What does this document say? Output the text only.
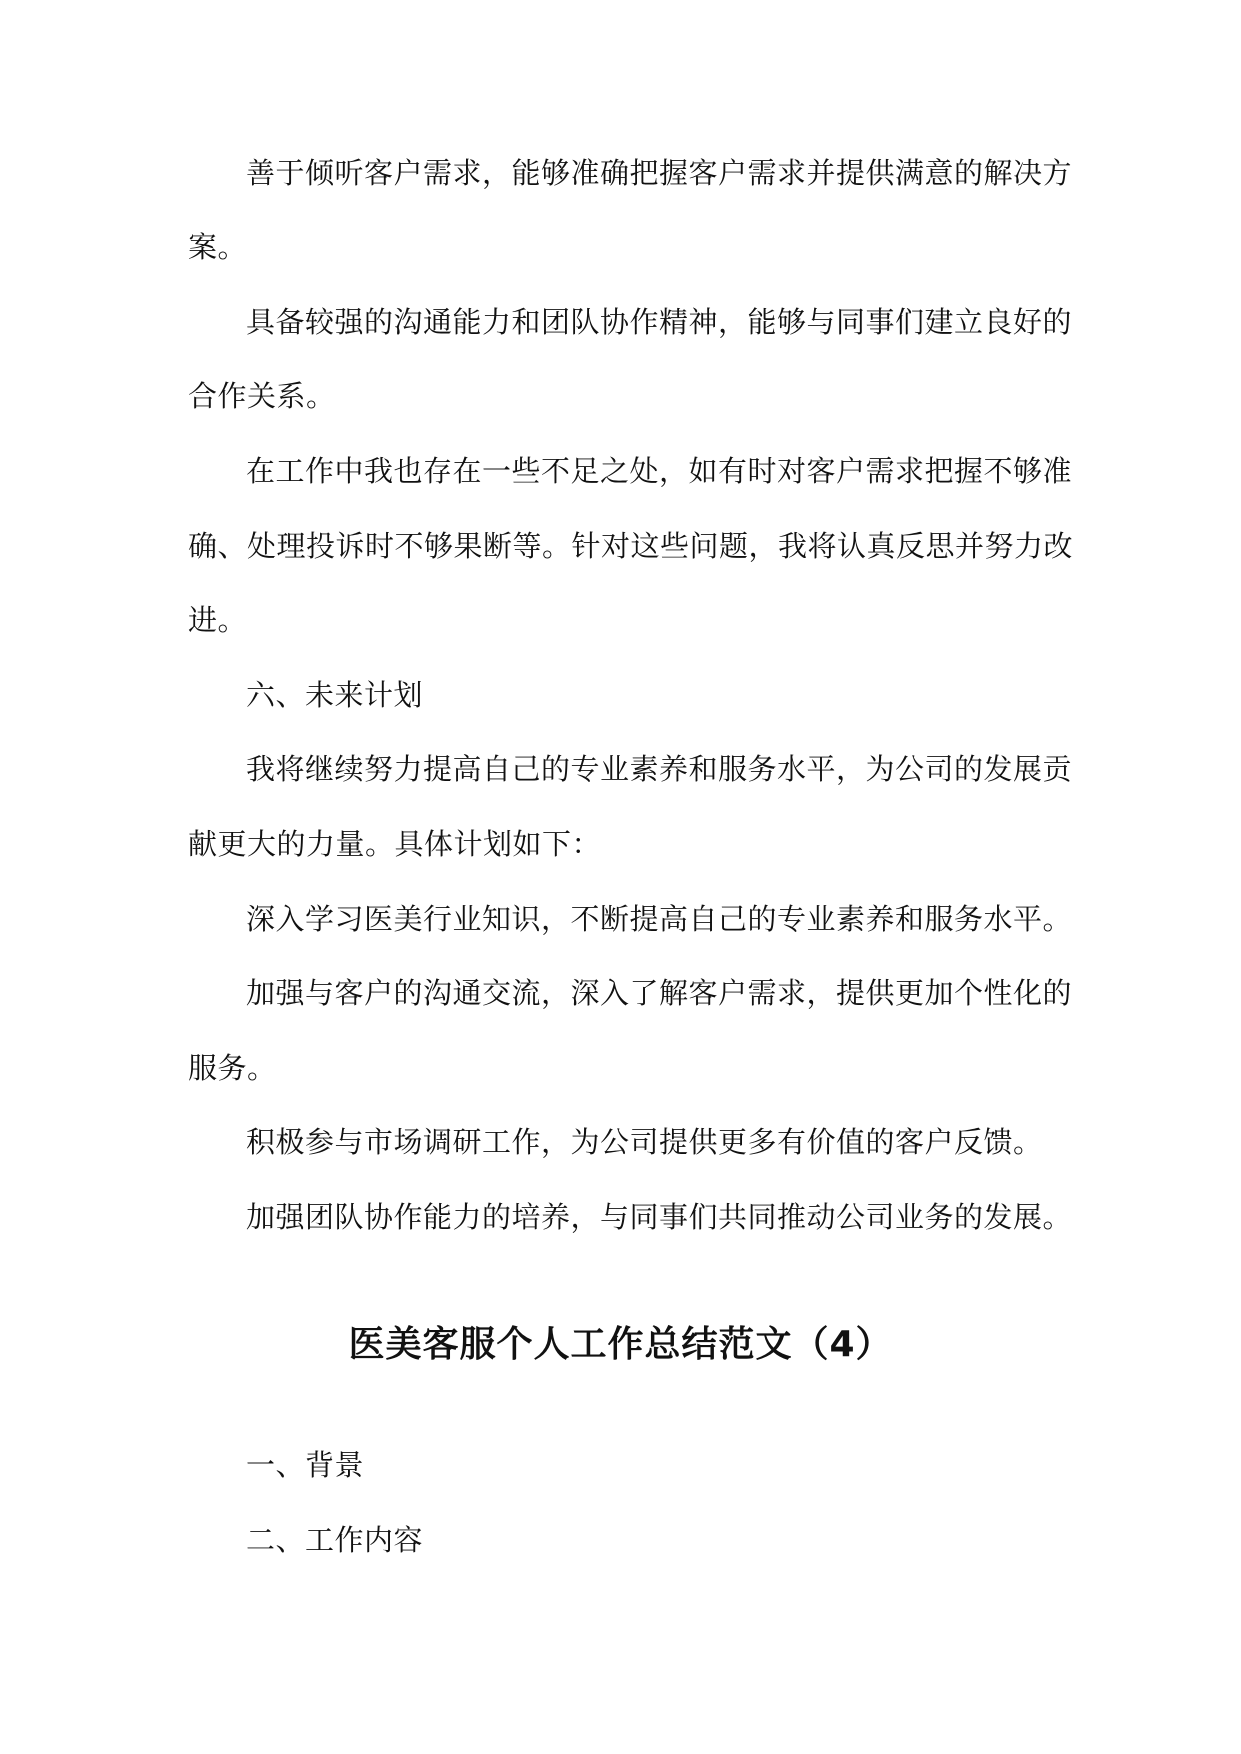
善于倾听客户需求，能够准确把握客户需求并提供满意的解决方
案。
具备较强的沟通能力和团队协作精神，能够与同事们建立良好的
合作关系。
在工作中我也存在一些不足之处，如有时对客户需求把握不够准
确、处理投诉时不够果断等。针对这些问题，我将认真反思并努力改
进。
六、未来计划
我将继续努力提高自己的专业素养和服务水平，为公司的发展贡
献更大的力量。具体计划如下：
深入学习医美行业知识，不断提高自己的专业素养和服务水平。
加强与客户的沟通交流，深入了解客户需求，提供更加个性化的
服务。
积极参与市场调研工作，为公司提供更多有价值的客户反馈。
加强团队协作能力的培养，与同事们共同推动公司业务的发展。
医美客服个人工作总结范文（4）
一、背景
二、工作内容
